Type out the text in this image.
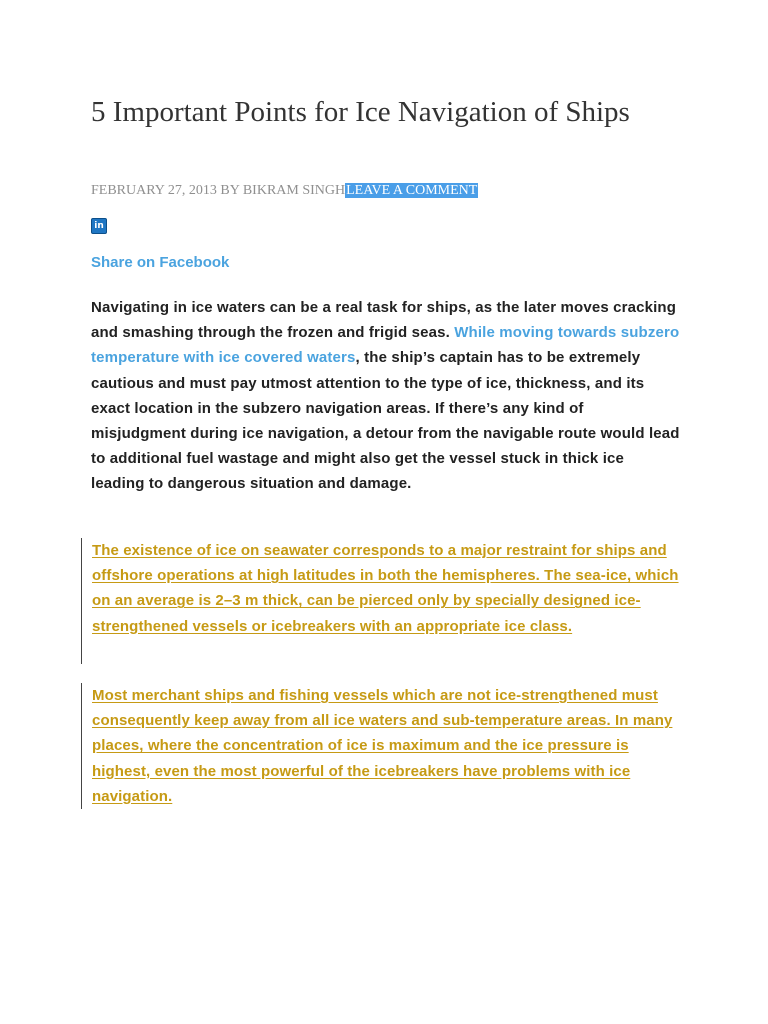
5 Important Points for Ice Navigation of Ships
FEBRUARY 27, 2013 BY BIKRAM SINGHLEAVE A COMMENT
in
Share on Facebook

Navigating in ice waters can be a real task for ships, as the later moves cracking and smashing through the frozen and frigid seas. While moving towards subzero temperature with ice covered waters, the ship’s captain has to be extremely cautious and must pay utmost attention to the type of ice, thickness, and its exact location in the subzero navigation areas. If there’s any kind of misjudgment during ice navigation, a detour from the navigable route would lead to additional fuel wastage and might also get the vessel stuck in thick ice leading to dangerous situation and damage.

The existence of ice on seawater corresponds to a major restraint for ships and offshore operations at high latitudes in both the hemispheres. The sea-ice, which on an average is 2–3 m thick, can be pierced only by specially designed ice-strengthened vessels or icebreakers with an appropriate ice class.

Most merchant ships and fishing vessels which are not ice-strengthened must consequently keep away from all ice waters and sub-temperature areas. In many places, where the concentration of ice is maximum and the ice pressure is highest, even the most powerful of the icebreakers have problems with ice navigation.
